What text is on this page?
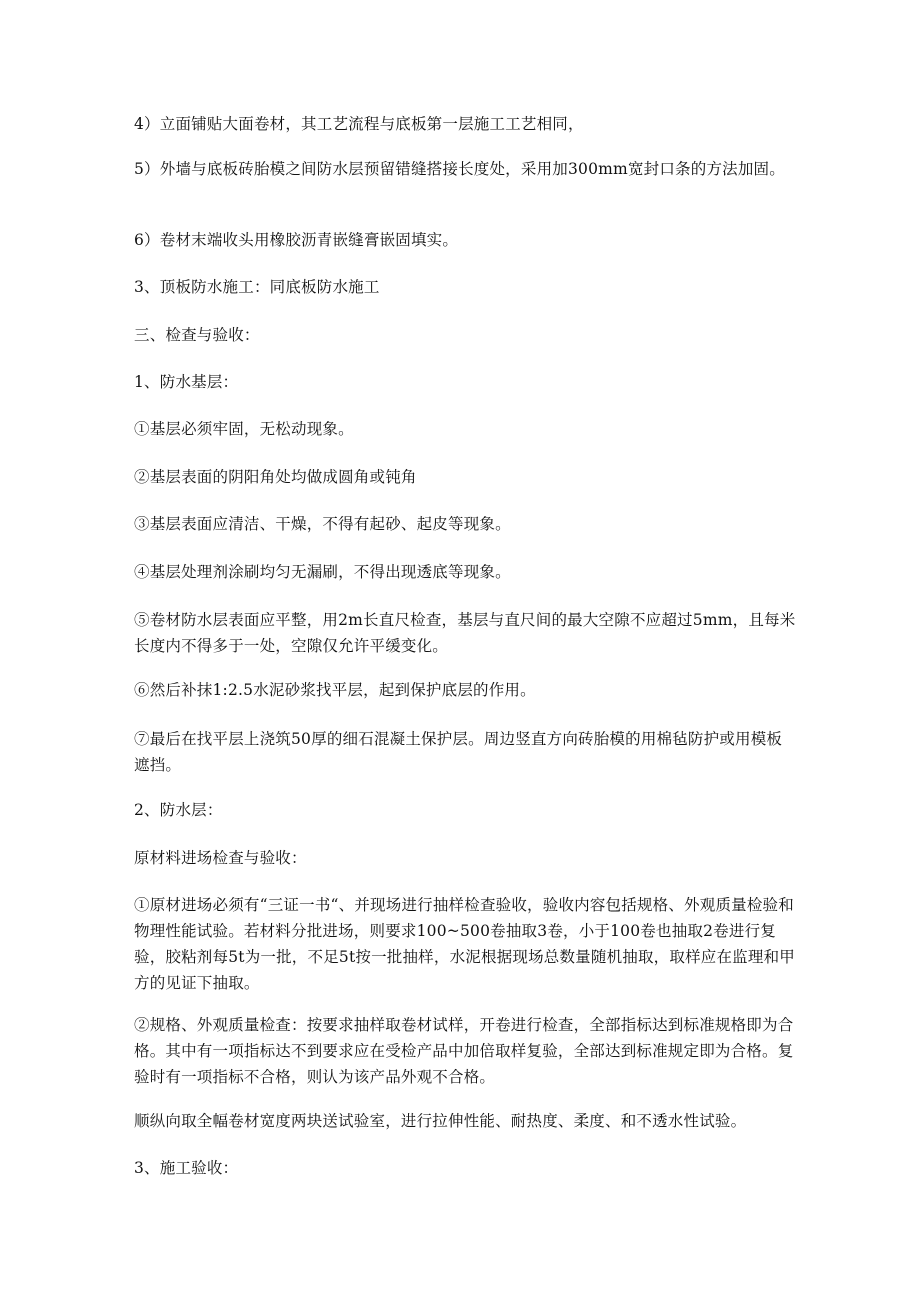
4）立面铺贴大面卷材，其工艺流程与底板第一层施工工艺相同，

5）外墙与底板砖胎模之间防水层预留错缝搭接长度处，采用加300mm宽封口条的方法加固。

6）卷材末端收头用橡胶沥青嵌缝膏嵌固填实。

3、顶板防水施工：同底板防水施工

三、检查与验收：

1、防水基层：

①基层必须牢固，无松动现象。

②基层表面的阴阳角处均做成圆角或钝角

③基层表面应清洁、干燥，不得有起砂、起皮等现象。

④基层处理剂涂刷均匀无漏刷，不得出现透底等现象。

⑤卷材防水层表面应平整，用2m长直尺检查，基层与直尺间的最大空隙不应超过5mm，且每米长度内不得多于一处，空隙仅允许平缓变化。

⑥然后补抹1:2.5水泥砂浆找平层，起到保护底层的作用。

⑦最后在找平层上浇筑50厚的细石混凝土保护层。周边竖直方向砖胎模的用棉毡防护或用模板遮挡。

2、防水层：

原材料进场检查与验收：

①原材进场必须有“三证一书“、并现场进行抽样检查验收，验收内容包括规格、外观质量检验和物理性能试验。若材料分批进场，则要求100~500卷抽取3卷，小于100卷也抽取2卷进行复验，胶粘剂每5t为一批，不足5t按一批抽样，水泥根据现场总数量随机抽取，取样应在监理和甲方的见证下抽取。

②规格、外观质量检查：按要求抽样取卷材试样，开卷进行检查，全部指标达到标准规格即为合格。其中有一项指标达不到要求应在受检产品中加倍取样复验，全部达到标准规定即为合格。复验时有一项指标不合格，则认为该产品外观不合格。

顺纵向取全幅卷材宽度两块送试验室，进行拉伸性能、耐热度、柔度、和不透水性试验。

3、施工验收：
